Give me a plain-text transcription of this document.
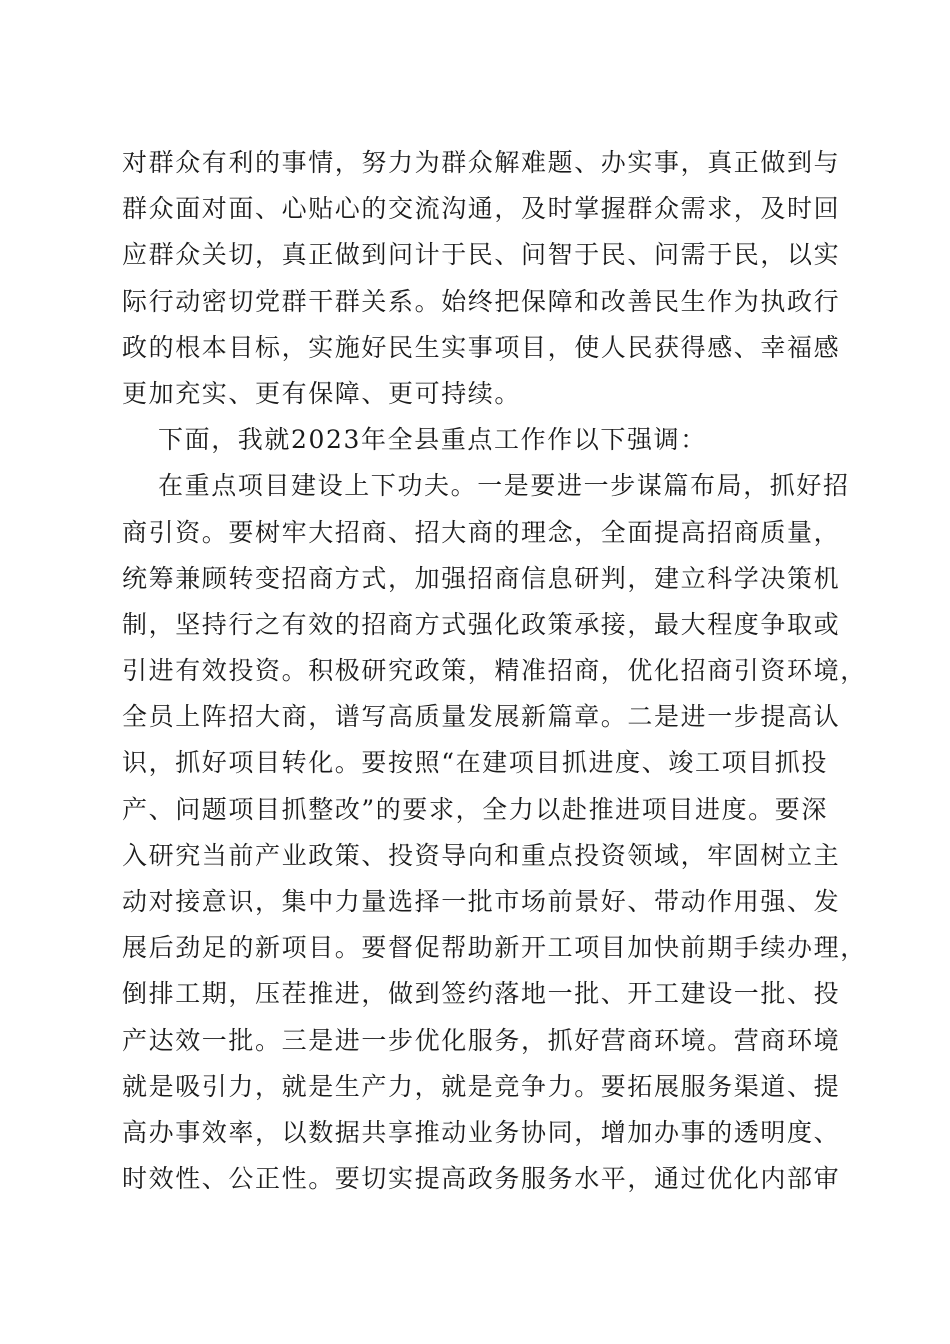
对群众有利的事情，努力为群众解难题、办实事，真正做到与
群众面对面、心贴心的交流沟通，及时掌握群众需求，及时回
应群众关切，真正做到问计于民、问智于民、问需于民，以实
际行动密切党群干群关系。始终把保障和改善民生作为执政行
政的根本目标，实施好民生实事项目，使人民获得感、幸福感
更加充实、更有保障、更可持续。
下面，我就2023年全县重点工作作以下强调：
在重点项目建设上下功夫。一是要进一步谋篇布局，抓好招
商引资。要树牢大招商、招大商的理念，全面提高招商质量，
统筹兼顾转变招商方式，加强招商信息研判，建立科学决策机
制，坚持行之有效的招商方式强化政策承接，最大程度争取或
引进有效投资。积极研究政策，精准招商，优化招商引资环境，
全员上阵招大商，谱写高质量发展新篇章。二是进一步提高认
识，抓好项目转化。要按照“在建项目抓进度、竣工项目抓投
产、问题项目抓整改”的要求，全力以赴推进项目进度。要深
入研究当前产业政策、投资导向和重点投资领域，牢固树立主
动对接意识，集中力量选择一批市场前景好、带动作用强、发
展后劲足的新项目。要督促帮助新开工项目加快前期手续办理，
倒排工期，压茬推进，做到签约落地一批、开工建设一批、投
产达效一批。三是进一步优化服务，抓好营商环境。营商环境
就是吸引力，就是生产力，就是竞争力。要拓展服务渠道、提
高办事效率，以数据共享推动业务协同，增加办事的透明度、
时效性、公正性。要切实提高政务服务水平，通过优化内部审
